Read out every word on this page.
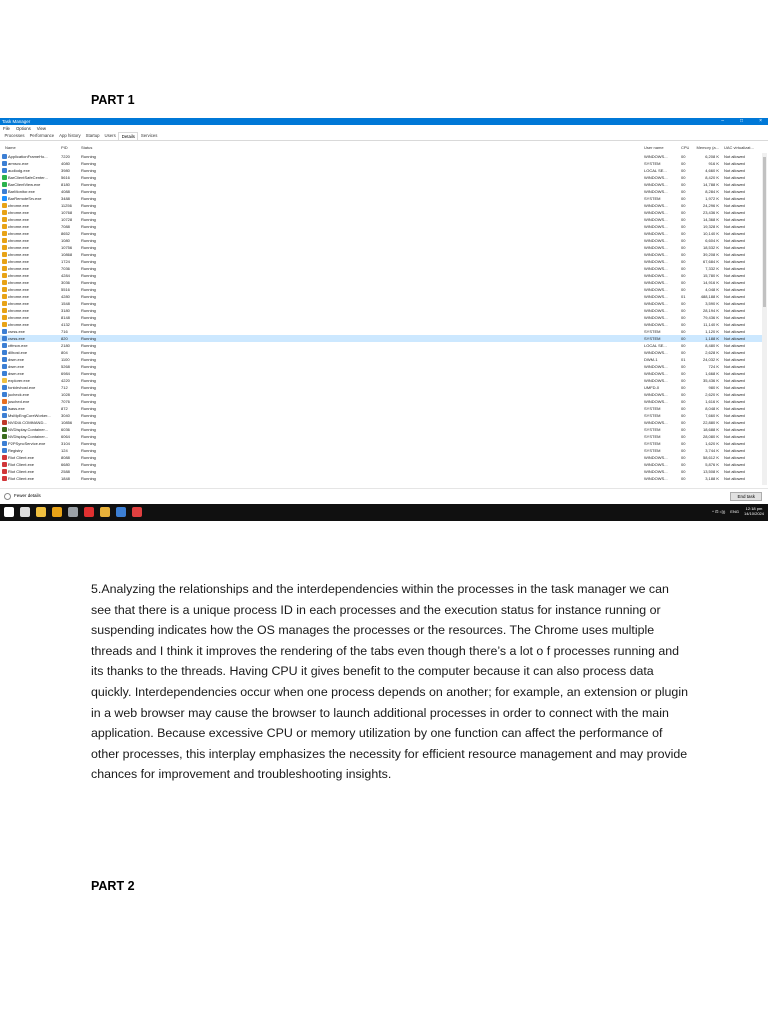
PART 1
Task Manager	–	□	×
File Options View
Processes	Performance	App history	Startup	Users	Details	Services
Name	PID	Status	User name	CPU	Memory (a... UAC virtualizat...
ApplicationFrameHo...	7220	Running	WINDOWS...	00	6,208 K Not allowed
armsvc.exe	4080	Running	SYSTEM	00	916 K Not allowed
audiodg.exe	3980	Running	LOCAL SE...	00	4,660 K Not allowed
BarClientSafeCenter...	5616	Running	WINDOWS...	00	8,420 K Not allowed
BarClientView.exe	8180	Running	WINDOWS...	00	14,788 K Not allowed
BarMonitor.exe	4088	Running	WINDOWS...	00	8,284 K Not allowed
BarRemoteSrv.exe	3488	Running	SYSTEM	00	1,972 K Not allowed
chrome.exe	11256	Running	WINDOWS...	00	24,296 K Not allowed
chrome.exe	10768	Running	WINDOWS...	00	23,436 K Not allowed
chrome.exe	10728	Running	WINDOWS...	00	14,368 K Not allowed
chrome.exe	7088	Running	WINDOWS...	00	19,328 K Not allowed
chrome.exe	8652	Running	WINDOWS...	00	10,140 K Not allowed
chrome.exe	1080	Running	WINDOWS...	00	6,604 K Not allowed
chrome.exe	10756	Running	WINDOWS...	00	18,532 K Not allowed
chrome.exe	10868	Running	WINDOWS...	00	39,208 K Not allowed
chrome.exe	1724	Running	WINDOWS...	00	67,684 K Not allowed
chrome.exe	7036	Running	WINDOWS...	00	7,332 K Not allowed
chrome.exe	4284	Running	WINDOWS...	00	15,780 K Not allowed
chrome.exe	3036	Running	WINDOWS...	00	14,916 K Not allowed
chrome.exe	5516	Running	WINDOWS...	00	4,048 K Not allowed
chrome.exe	4280	Running	WINDOWS...	01	488,188 K Not allowed
chrome.exe	1548	Running	WINDOWS...	00	3,590 K Not allowed
chrome.exe	3180	Running	WINDOWS...	00	28,194 K Not allowed
chrome.exe	8148	Running	WINDOWS...	00	79,436 K Not allowed
chrome.exe	4132	Running	WINDOWS...	00	11,140 K Not allowed
csrss.exe	716	Running	SYSTEM	00	1,120 K Not allowed
csrss.exe	820	Running	SYSTEM	00	1,188 K Not allowed
ctfmon.exe	2180	Running	LOCAL SE...	00	8,480 K Not allowed
dllhost.exe	804	Running	WINDOWS...	00	2,628 K Not allowed
dwm.exe	1100	Running	DWM-1	01	24,032 K Not allowed
dwm.exe	5268	Running	WINDOWS...	00	724 K Not allowed
dwm.exe	6984	Running	WINDOWS...	00	1,668 K Not allowed
explorer.exe	4220	Running	WINDOWS...	00	35,436 K Not allowed
fontdrvhost.exe	712	Running	UMFD-0	00	980 K Not allowed
jucheck.exe	1028	Running	WINDOWS...	00	2,620 K Not allowed
jusched.exe	7076	Running	WINDOWS...	00	1,616 K Not allowed
lsass.exe	872	Running	SYSTEM	00	8,048 K Not allowed
MsMpEngCoreWorker...	3040	Running	SYSTEM	00	7,660 K Not allowed
NVIDIA COMMAND...	10856	Running	WINDOWS...	00	22,880 K Not allowed
NVDisplay.Container...	6036	Running	SYSTEM	00	18,688 K Not allowed
NVDisplay.Container...	6064	Running	SYSTEM	00	28,080 K Not allowed
P2PSyncService.exe	3104	Running	SYSTEM	00	1,620 K Not allowed
Registry	124	Running	SYSTEM	00	3,744 K Not allowed
Riot Client.exe	8088	Running	WINDOWS...	00	58,612 K Not allowed
Riot Client.exe	6680	Running	WINDOWS...	00	5,876 K Not allowed
Riot Client.exe	2588	Running	WINDOWS...	00	13,508 K Not allowed
Riot Client.exe	1848	Running	WINDOWS...	00	3,188 K Not allowed
Fewer details	End task
^ ⊡ ◁)) ENG	12:18 pm
14/10/2024
5.Analyzing the relationships and the interdependencies within the processes in the task manager we can see that there is a unique process ID in each processes and the execution status for instance running or suspending indicates how the OS manages the processes or the resources. The Chrome uses multiple threads and I think it improves the rendering of the tabs even though there’s a lot o f processes running and its thanks to the threads. Having CPU it gives benefit to the computer because it can also process data quickly. Interdependencies occur when one process depends on another; for example, an extension or plugin in a web browser may cause the browser to launch additional processes in order to connect with the main application. Because excessive CPU or memory utilization by one function can affect the performance of other processes, this interplay emphasizes the necessity for efficient resource management and may provide chances for improvement and troubleshooting insights.
PART 2
